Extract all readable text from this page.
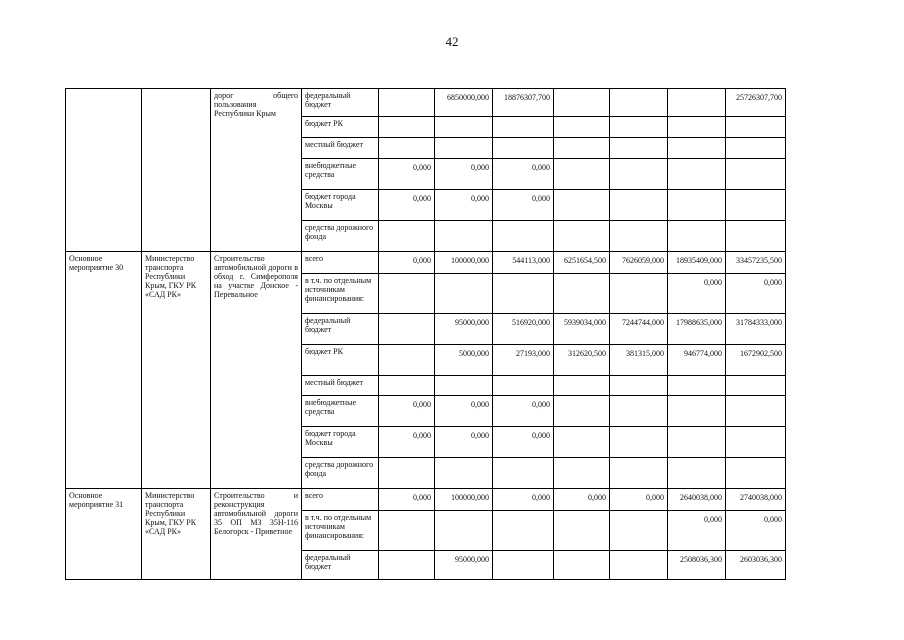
42
		дорог общего пользования Республики Крым	федеральный бюджет		6850000,000	18876307,700				25726307,700
			бюджет РК							
			местный бюджет							
			внебюджетные средства	0,000	0,000	0,000				
			бюджет города Москвы	0,000	0,000	0,000				
			средства дорожного фонда							
Основное мероприятие 30	Министерство транспорта Республики Крым, ГКУ РК «САД РК»	Строительство автомобильной дороги в обход г. Симферополя на участке Донское - Перевальное	всего	0,000	100000,000	544113,000	6251654,500	7626059,000	18935409,000	33457235,500
			в т.ч. по отдельным источникам финансирования:						0,000	0,000
			федеральный бюджет		95000,000	516920,000	5939034,000	7244744,000	17988635,000	31784333,000
			бюджет РК		5000,000	27193,000	312620,500	381315,000	946774,000	1672902,500
			местный бюджет							
			внебюджетные средства	0,000	0,000	0,000				
			бюджет города Москвы	0,000	0,000	0,000				
			средства дорожного фонда							
Основное мероприятие 31	Министерство транспорта Республики Крым, ГКУ РК «САД РК»	Строительство и реконструкция автомобильной дороги 35 ОП МЗ 35Н-116 Белогорск - Приветное	всего	0,000	100000,000	0,000	0,000	0,000	2640038,000	2740038,000
			в т.ч. по отдельным источникам финансирования:						0,000	0,000
			федеральный бюджет		95000,000				2508036,300	2603036,300
